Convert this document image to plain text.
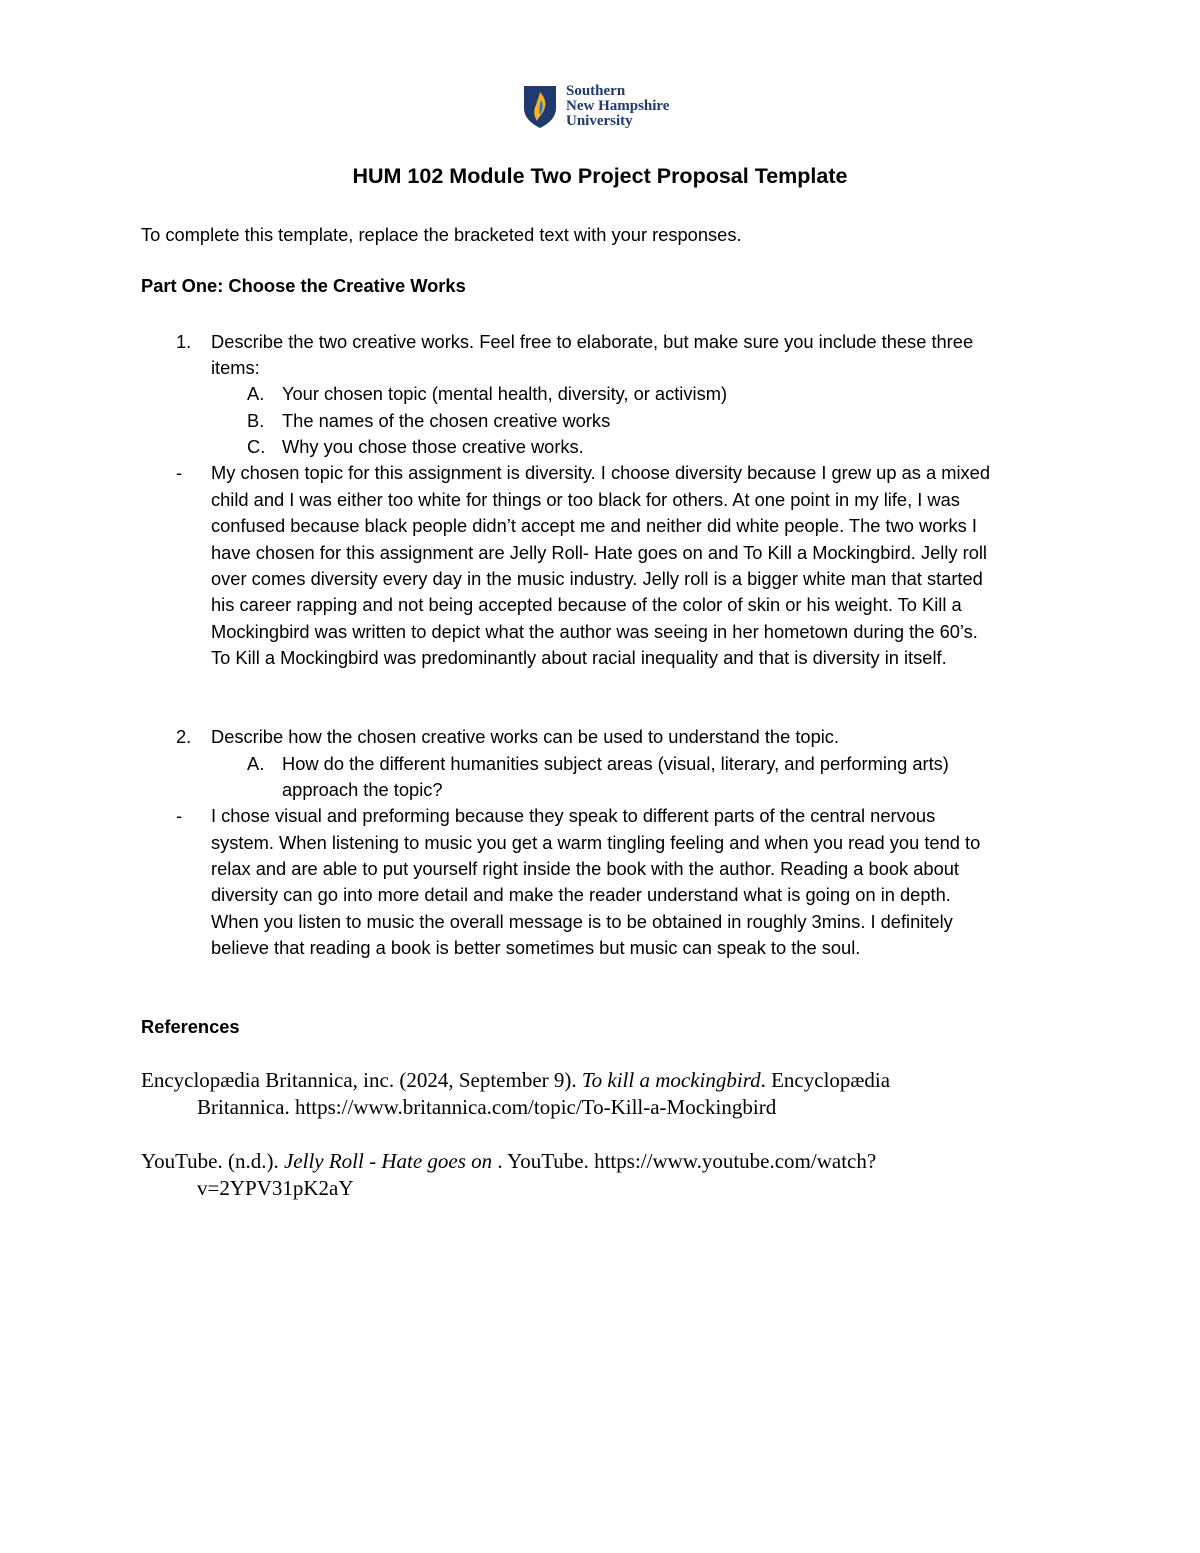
Southern
New Hampshire
University
HUM 102 Module Two Project Proposal Template
To complete this template, replace the bracketed text with your responses.
Part One: Choose the Creative Works
1. Describe the two creative works. Feel free to elaborate, but make sure you include these three
items:
A. Your chosen topic (mental health, diversity, or activism)
B. The names of the chosen creative works
C. Why you chose those creative works.
- My chosen topic for this assignment is diversity. I choose diversity because I grew up as a mixed
child and I was either too white for things or too black for others. At one point in my life, I was
confused because black people didn’t accept me and neither did white people. The two works I
have chosen for this assignment are Jelly Roll- Hate goes on and To Kill a Mockingbird. Jelly roll
over comes diversity every day in the music industry. Jelly roll is a bigger white man that started
his career rapping and not being accepted because of the color of skin or his weight. To Kill a
Mockingbird was written to depict what the author was seeing in her hometown during the 60’s.
To Kill a Mockingbird was predominantly about racial inequality and that is diversity in itself.
2. Describe how the chosen creative works can be used to understand the topic.
A. How do the different humanities subject areas (visual, literary, and performing arts)
approach the topic?
- I chose visual and preforming because they speak to different parts of the central nervous
system. When listening to music you get a warm tingling feeling and when you read you tend to
relax and are able to put yourself right inside the book with the author. Reading a book about
diversity can go into more detail and make the reader understand what is going on in depth.
When you listen to music the overall message is to be obtained in roughly 3mins. I definitely
believe that reading a book is better sometimes but music can speak to the soul.
References
Encyclopædia Britannica, inc. (2024, September 9). To kill a mockingbird. Encyclopædia
Britannica. https://www.britannica.com/topic/To-Kill-a-Mockingbird
YouTube. (n.d.). Jelly Roll - Hate goes on . YouTube. https://www.youtube.com/watch?
v=2YPV31pK2aY
